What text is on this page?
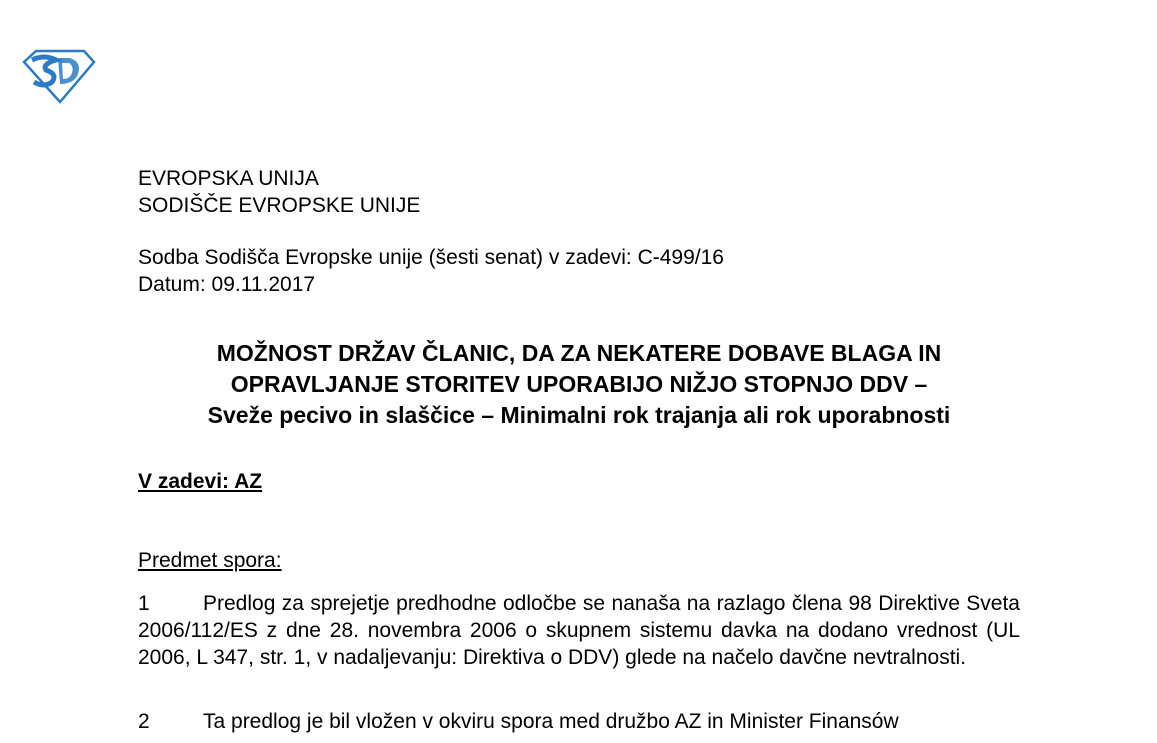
EVROPSKA UNIJA
SODIŠČE EVROPSKE UNIJE
Sodba Sodišča Evropske unije (šesti senat) v zadevi: C-499/16
Datum: 09.11.2017
MOŽNOST DRŽAV ČLANIC, DA ZA NEKATERE DOBAVE BLAGA IN
OPRAVLJANJE STORITEV UPORABIJO NIŽJO STOPNJO DDV –
Sveže pecivo in slaščice – Minimalni rok trajanja ali rok uporabnosti
V zadevi: AZ
Predmet spora:
1	Predlog za sprejetje predhodne odločbe se nanaša na razlago člena 98 Direktive Sveta 2006/112/ES z dne 28. novembra 2006 o skupnem sistemu davka na dodano vrednost (UL 2006, L 347, str. 1, v nadaljevanju: Direktiva o DDV) glede na načelo davčne nevtralnosti.
2	Ta predlog je bil vložen v okviru spora med družbo AZ in Minister Finansów
